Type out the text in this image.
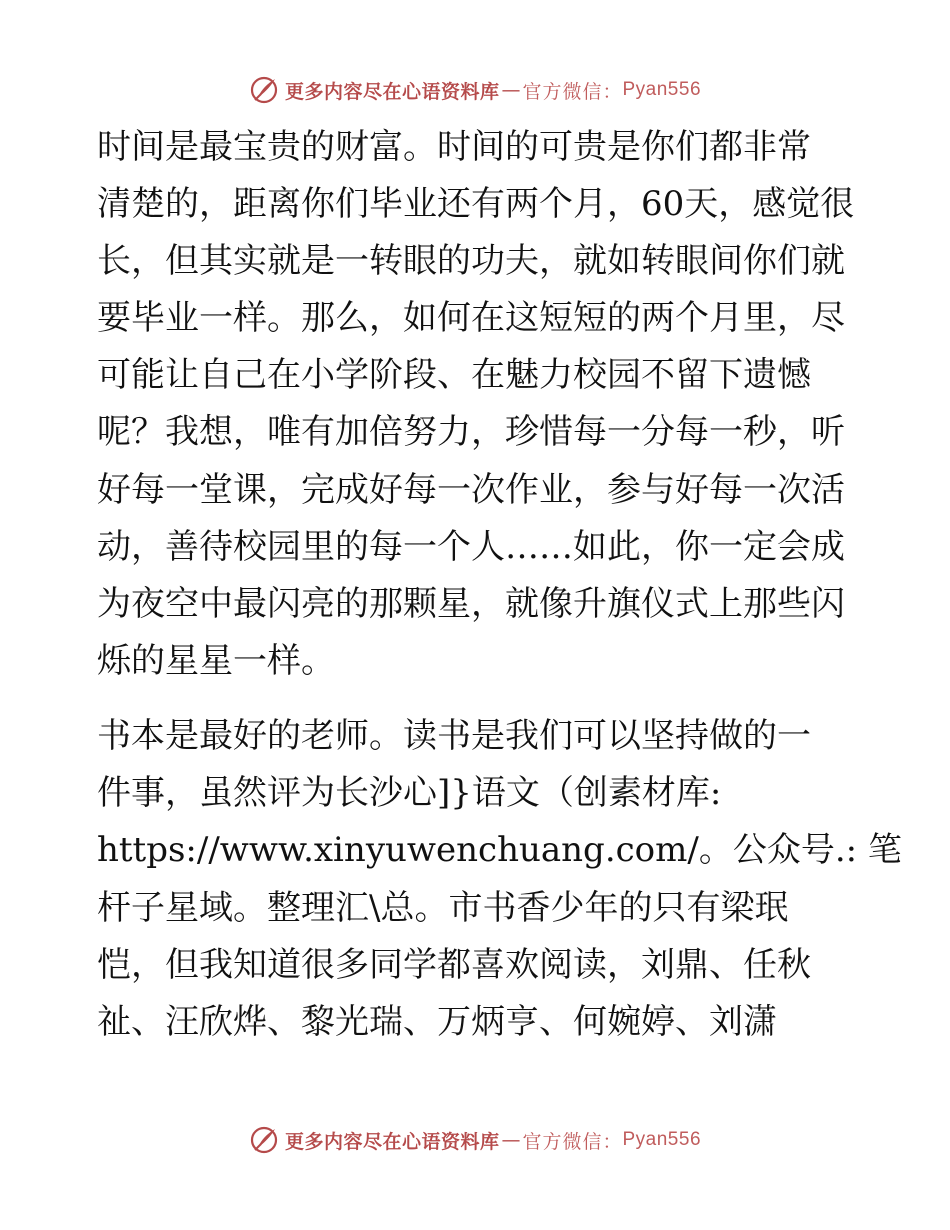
更多内容尽在心语资料库 — 官方微信： Pyan556
时间是最宝贵的财富。时间的可贵是你们都非常
清楚的，距离你们毕业还有两个月，60天，感觉很
长，但其实就是一转眼的功夫，就如转眼间你们就
要毕业一样。那么，如何在这短短的两个月里，尽
可能让自己在小学阶段、在魅力校园不留下遗憾
呢？我想，唯有加倍努力，珍惜每一分每一秒，听
好每一堂课，完成好每一次作业，参与好每一次活
动，善待校园里的每一个人……如此，你一定会成
为夜空中最闪亮的那颗星，就像升旗仪式上那些闪
烁的星星一样。
书本是最好的老师。读书是我们可以坚持做的一
件事，虽然评为长沙心]}语文（创素材库:
https://www.xinyuwenchuang.com/。公众号.: 笔
杆子星域。整理汇\总。市书香少年的只有梁珉
恺，但我知道很多同学都喜欢阅读，刘鼎、任秋
祉、汪欣烨、黎光瑞、万炳亨、何婉婷、刘潇
更多内容尽在心语资料库 — 官方微信： Pyan556
